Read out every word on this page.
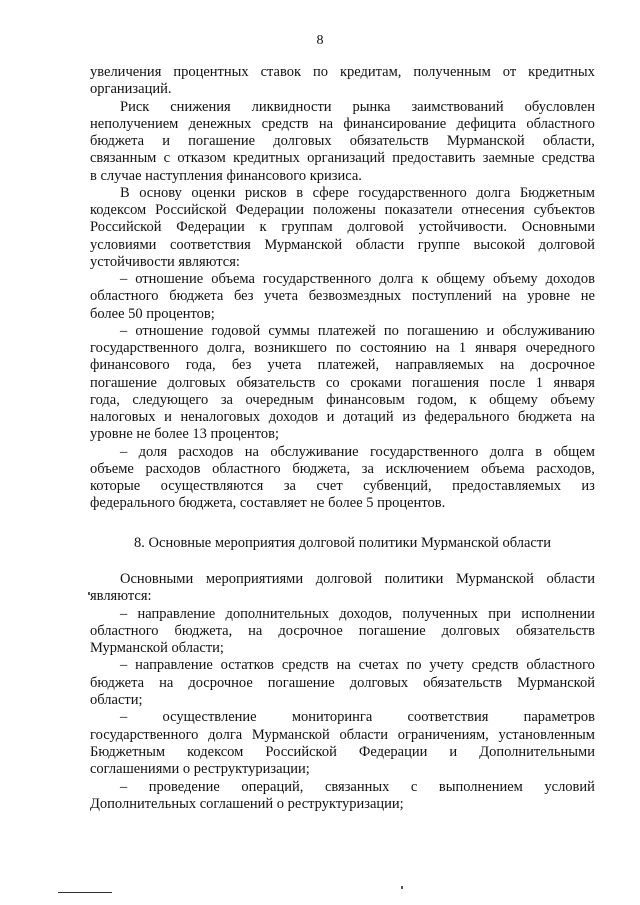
8
увеличения процентных ставок по кредитам, полученным от кредитных
организаций.
Риск снижения ликвидности рынка заимствований обусловлен
неполучением денежных средств на финансирование дефицита областного
бюджета и погашение долговых обязательств Мурманской области,
связанным с отказом кредитных организаций предоставить заемные средства
в случае наступления финансового кризиса.
В основу оценки рисков в сфере государственного долга Бюджетным
кодексом Российской Федерации положены показатели отнесения субъектов
Российской Федерации к группам долговой устойчивости. Основными
условиями соответствия Мурманской области группе высокой долговой
устойчивости являются:
– отношение объема государственного долга к общему объему доходов
областного бюджета без учета безвозмездных поступлений на уровне не
более 50 процентов;
– отношение годовой суммы платежей по погашению и обслуживанию
государственного долга, возникшего по состоянию на 1 января очередного
финансового года, без учета платежей, направляемых на досрочное
погашение долговых обязательств со сроками погашения после 1 января
года, следующего за очередным финансовым годом, к общему объему
налоговых и неналоговых доходов и дотаций из федерального бюджета на
уровне не более 13 процентов;
– доля расходов на обслуживание государственного долга в общем
объеме расходов областного бюджета, за исключением объема расходов,
которые осуществляются за счет субвенций, предоставляемых из
федерального бюджета, составляет не более 5 процентов.
8. Основные мероприятия долговой политики Мурманской области
Основными мероприятиями долговой политики Мурманской области
являются:
– направление дополнительных доходов, полученных при исполнении
областного бюджета, на досрочное погашение долговых обязательств
Мурманской области;
– направление остатков средств на счетах по учету средств областного
бюджета на досрочное погашение долговых обязательств Мурманской
области;
– осуществление мониторинга соответствия параметров
государственного долга Мурманской области ограничениям, установленным
Бюджетным кодексом Российской Федерации и Дополнительными
соглашениями о реструктуризации;
– проведение операций, связанных с выполнением условий
Дополнительных соглашений о реструктуризации;
